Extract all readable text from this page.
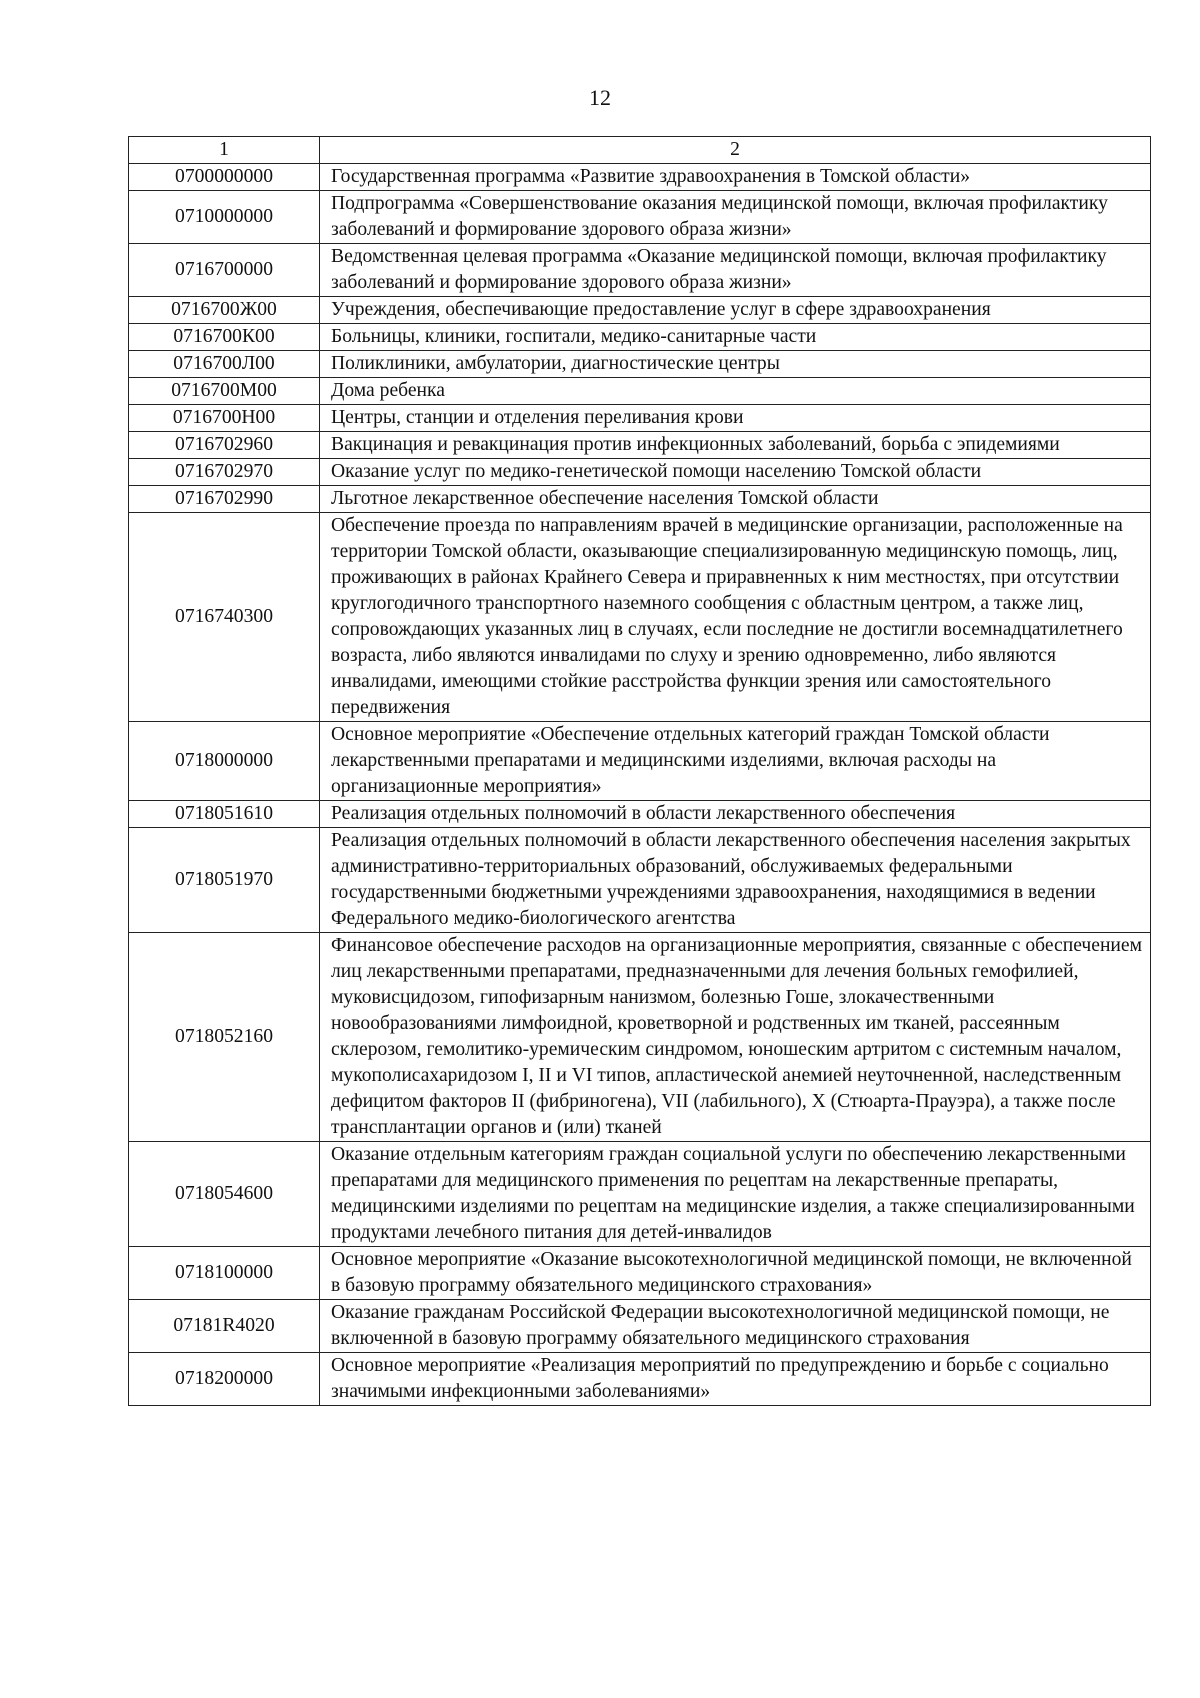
12
1	2
0700000000	Государственная программа «Развитие здравоохранения в Томской области»
0710000000	Подпрограмма «Совершенствование оказания медицинской помощи, включая профилактику заболеваний и формирование здорового образа жизни»
0716700000	Ведомственная целевая программа «Оказание медицинской помощи, включая профилактику заболеваний и формирование здорового образа жизни»
0716700Ж00	Учреждения, обеспечивающие предоставление услуг в сфере здравоохранения
0716700К00	Больницы, клиники, госпитали, медико-санитарные части
0716700Л00	Поликлиники, амбулатории, диагностические центры
0716700М00	Дома ребенка
0716700Н00	Центры, станции и отделения переливания крови
0716702960	Вакцинация и ревакцинация против инфекционных заболеваний, борьба с эпидемиями
0716702970	Оказание услуг по медико-генетической помощи населению Томской области
0716702990	Льготное лекарственное обеспечение населения Томской области
0716740300	Обеспечение проезда по направлениям врачей в медицинские организации, расположенные на территории Томской области, оказывающие специализированную медицинскую помощь, лиц, проживающих в районах Крайнего Севера и приравненных к ним местностях, при отсутствии круглогодичного транспортного наземного сообщения с областным центром, а также лиц, сопровождающих указанных лиц в случаях, если последние не достигли восемнадцатилетнего возраста, либо являются инвалидами по слуху и зрению одновременно, либо являются инвалидами, имеющими стойкие расстройства функции зрения или самостоятельного передвижения
0718000000	Основное мероприятие «Обеспечение отдельных категорий граждан Томской области лекарственными препаратами и медицинскими изделиями, включая расходы на организационные мероприятия»
0718051610	Реализация отдельных полномочий в области лекарственного обеспечения
0718051970	Реализация отдельных полномочий в области лекарственного обеспечения населения закрытых административно-территориальных образований, обслуживаемых федеральными государственными бюджетными учреждениями здравоохранения, находящимися в ведении Федерального медико-биологического агентства
0718052160	Финансовое обеспечение расходов на организационные мероприятия, связанные с обеспечением лиц лекарственными препаратами, предназначенными для лечения больных гемофилией, муковисцидозом, гипофизарным нанизмом, болезнью Гоше, злокачественными новообразованиями лимфоидной, кроветворной и родственных им тканей, рассеянным склерозом, гемолитико-уремическим синдромом, юношеским артритом с системным началом, мукополисахаридозом I, II и VI типов, апластической анемией неуточненной, наследственным дефицитом факторов II (фибриногена), VII (лабильного), X (Стюарта-Прауэра), а также после трансплантации органов и (или) тканей
0718054600	Оказание отдельным категориям граждан социальной услуги по обеспечению лекарственными препаратами для медицинского применения по рецептам на лекарственные препараты, медицинскими изделиями по рецептам на медицинские изделия, а также специализированными продуктами лечебного питания для детей-инвалидов
0718100000	Основное мероприятие «Оказание высокотехнологичной медицинской помощи, не включенной в базовую программу обязательного медицинского страхования»
07181R4020	Оказание гражданам Российской Федерации высокотехнологичной медицинской помощи, не включенной в базовую программу обязательного медицинского страхования
0718200000	Основное мероприятие «Реализация мероприятий по предупреждению и борьбе с социально значимыми инфекционными заболеваниями»
